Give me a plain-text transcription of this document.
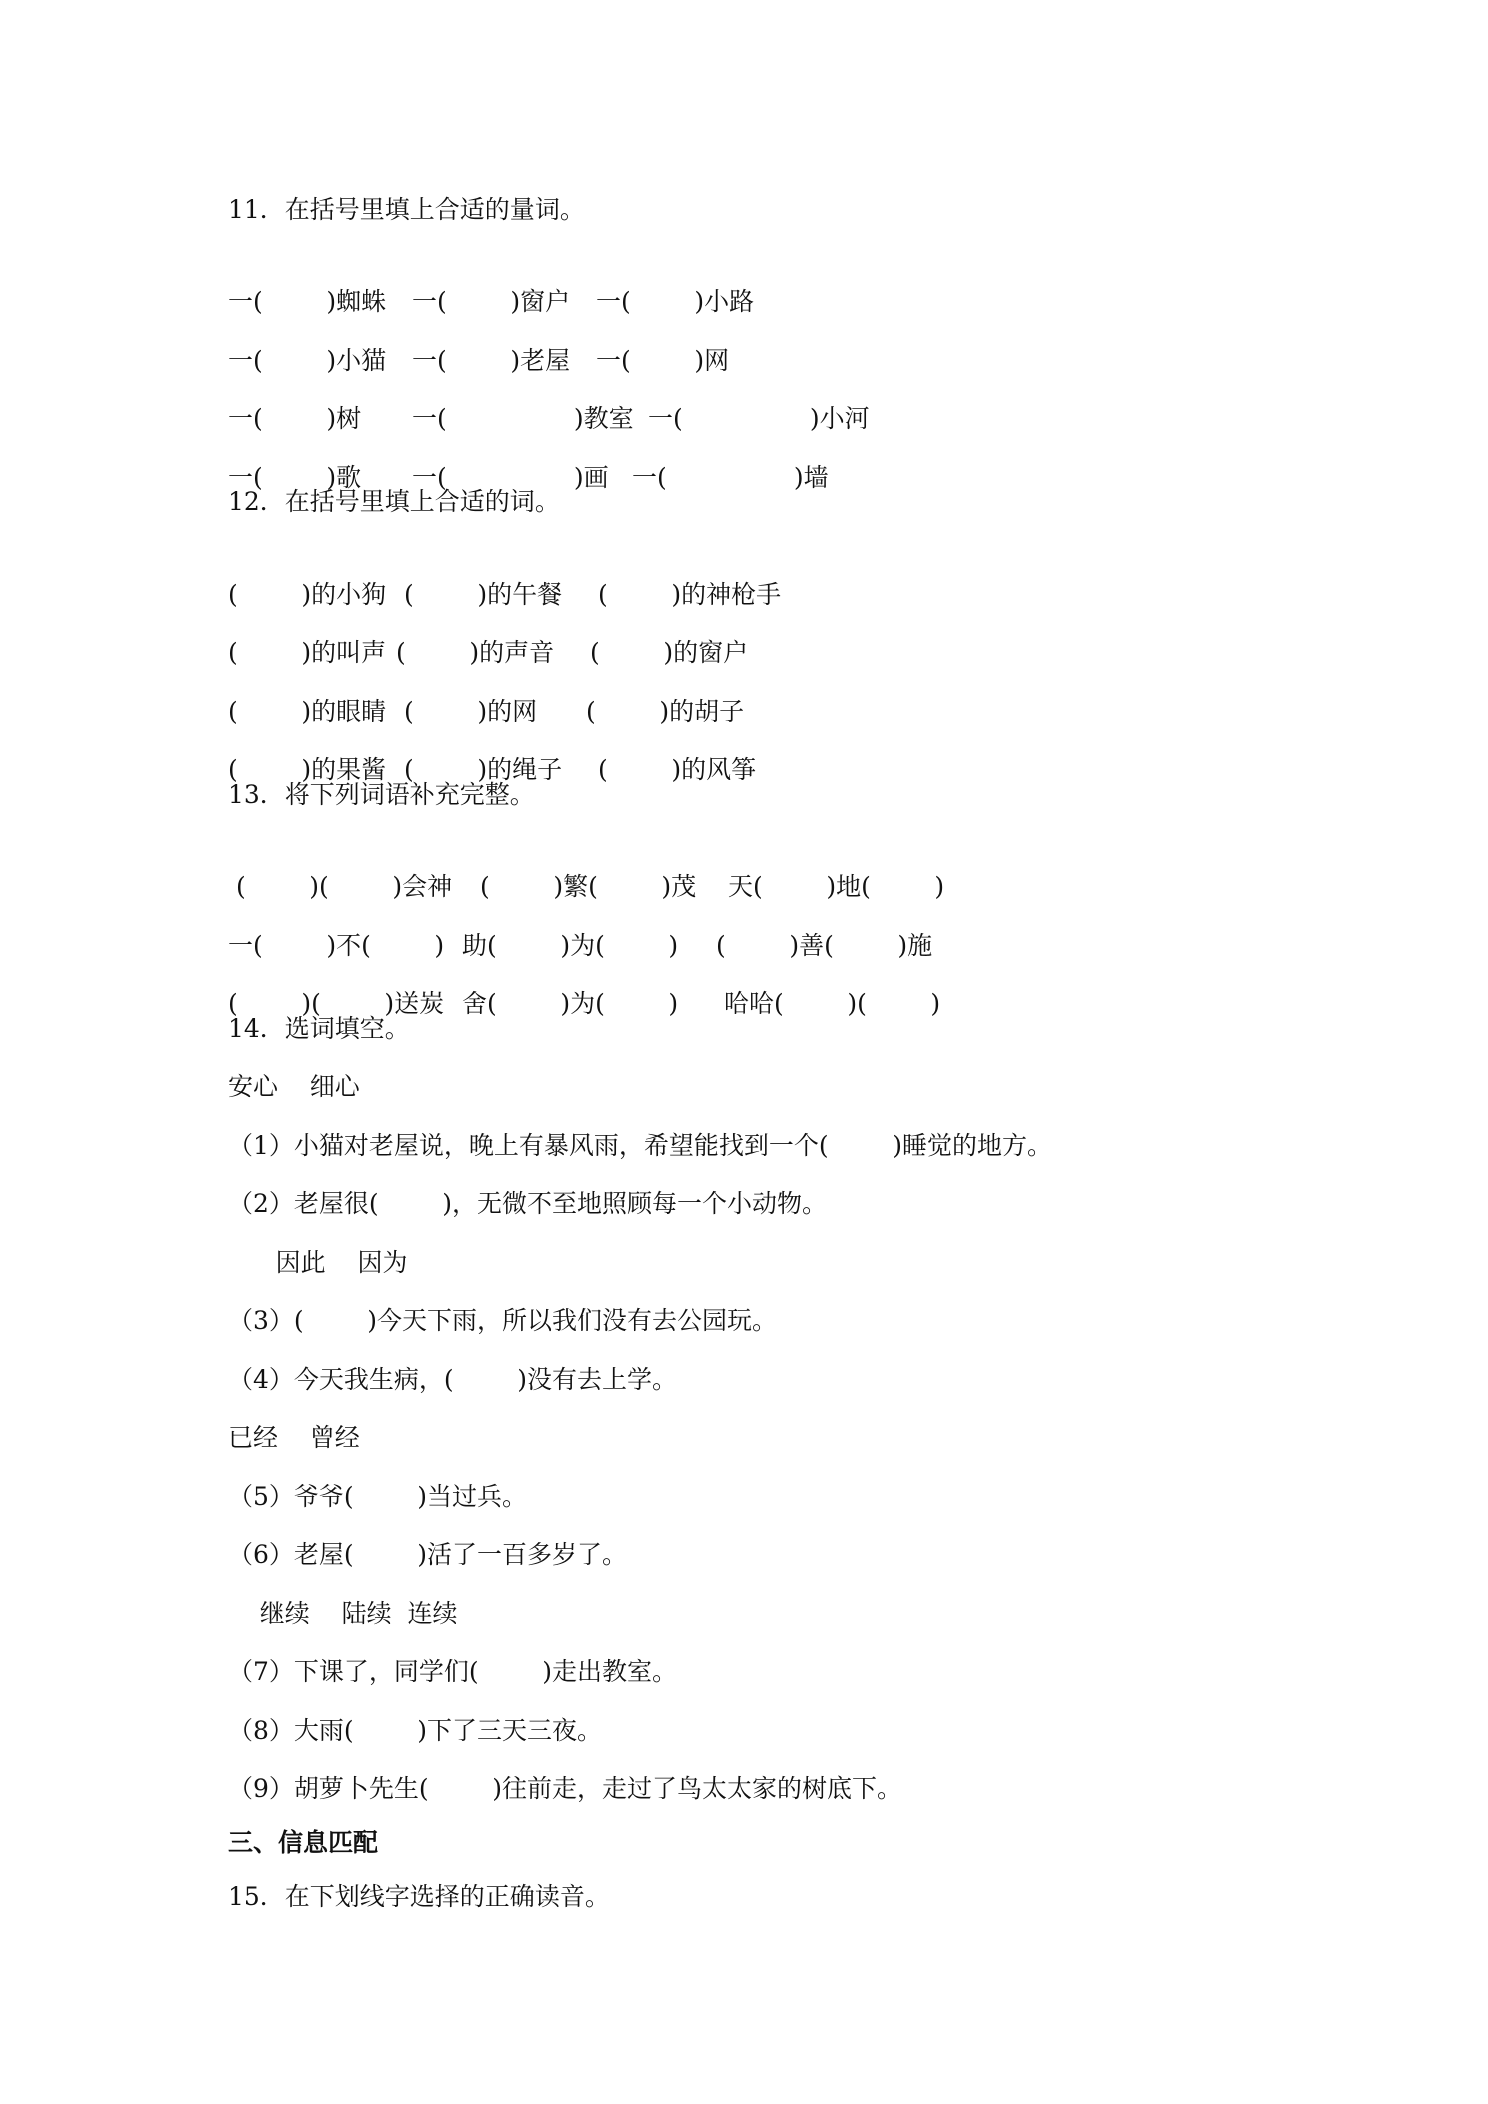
11．在括号里填上合适的量词。

一(        )蜘蛛 一(        )窗户 一(        )小路

一(        )小猫 一(        )老屋 一(        )网

一(        )树 一(                )教室 一(                )小河

一(        )歌 一(                )画 一(                )墙

12．在括号里填上合适的词。

(        )的小狗 (        )的午餐 (        )的神枪手

(        )的叫声 (        )的声音 (        )的窗户

(        )的眼睛 (        )的网 (        )的胡子

(        )的果酱 (        )的绳子 (        )的风筝

13．将下列词语补充完整。

(        )(        )会神 (        )繁(        )茂 天(        )地(        )

一(        )不(        ) 助(        )为(        ) (        )善(        )施

(        )(        )送炭 舍(        )为(        ) 哈哈(        )(        )

14．选词填空。

安心    细心

（1）小猫对老屋说，晚上有暴风雨，希望能找到一个(        )睡觉的地方。

（2）老屋很(        )，无微不至地照顾每一个小动物。

因此    因为

（3）(        )今天下雨，所以我们没有去公园玩。

（4）今天我生病，(        )没有去上学。

已经    曾经

（5）爷爷(        )当过兵。

（6）老屋(        )活了一百多岁了。

继续    陆续  连续

（7）下课了，同学们(        )走出教室。

（8）大雨(        )下了三天三夜。

（9）胡萝卜先生(        )往前走，走过了鸟太太家的树底下。

三、信息匹配

15．在下划线字选择的正确读音。
